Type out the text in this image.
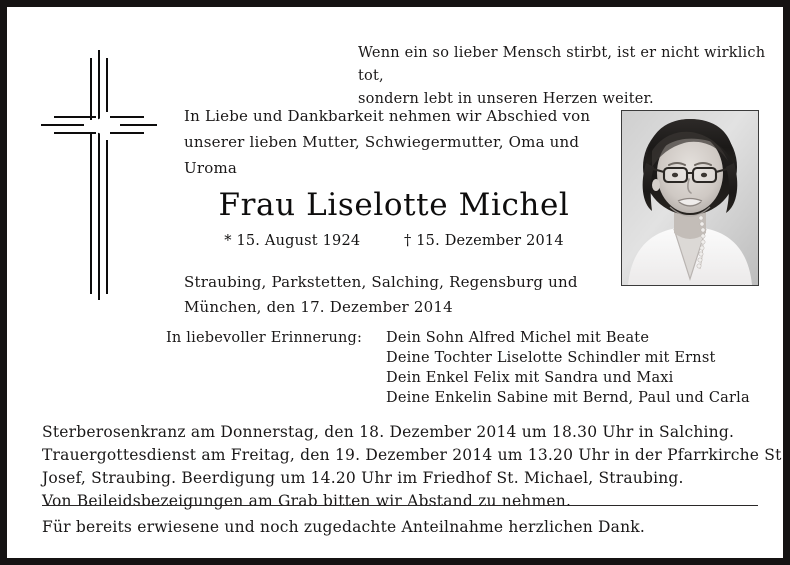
Wenn ein so lieber Mensch stirbt, ist er nicht wirklich tot,
sondern lebt in unseren Herzen weiter.
In Liebe und Dankbarkeit nehmen wir Abschied von
unserer lieben Mutter, Schwiegermutter, Oma und
Uroma
Frau Liselotte Michel
* 15. August 1924	† 15. Dezember 2014
Straubing, Parkstetten, Salching, Regensburg und
München, den 17. Dezember 2014
In liebevoller Erinnerung:	Dein Sohn Alfred Michel mit Beate
Deine Tochter Liselotte Schindler mit Ernst
Dein Enkel Felix mit Sandra und Maxi
Deine Enkelin Sabine mit Bernd, Paul und Carla
Sterberosenkranz am Donnerstag, den 18. Dezember 2014 um 18.30 Uhr in Salching.
Trauergottesdienst am Freitag, den 19. Dezember 2014 um 13.20 Uhr in der Pfarrkirche St.
Josef, Straubing. Beerdigung um 14.20 Uhr im Friedhof St. Michael, Straubing.
Von Beileidsbezeigungen am Grab bitten wir Abstand zu nehmen.
Für bereits erwiesene und noch zugedachte Anteilnahme herzlichen Dank.
